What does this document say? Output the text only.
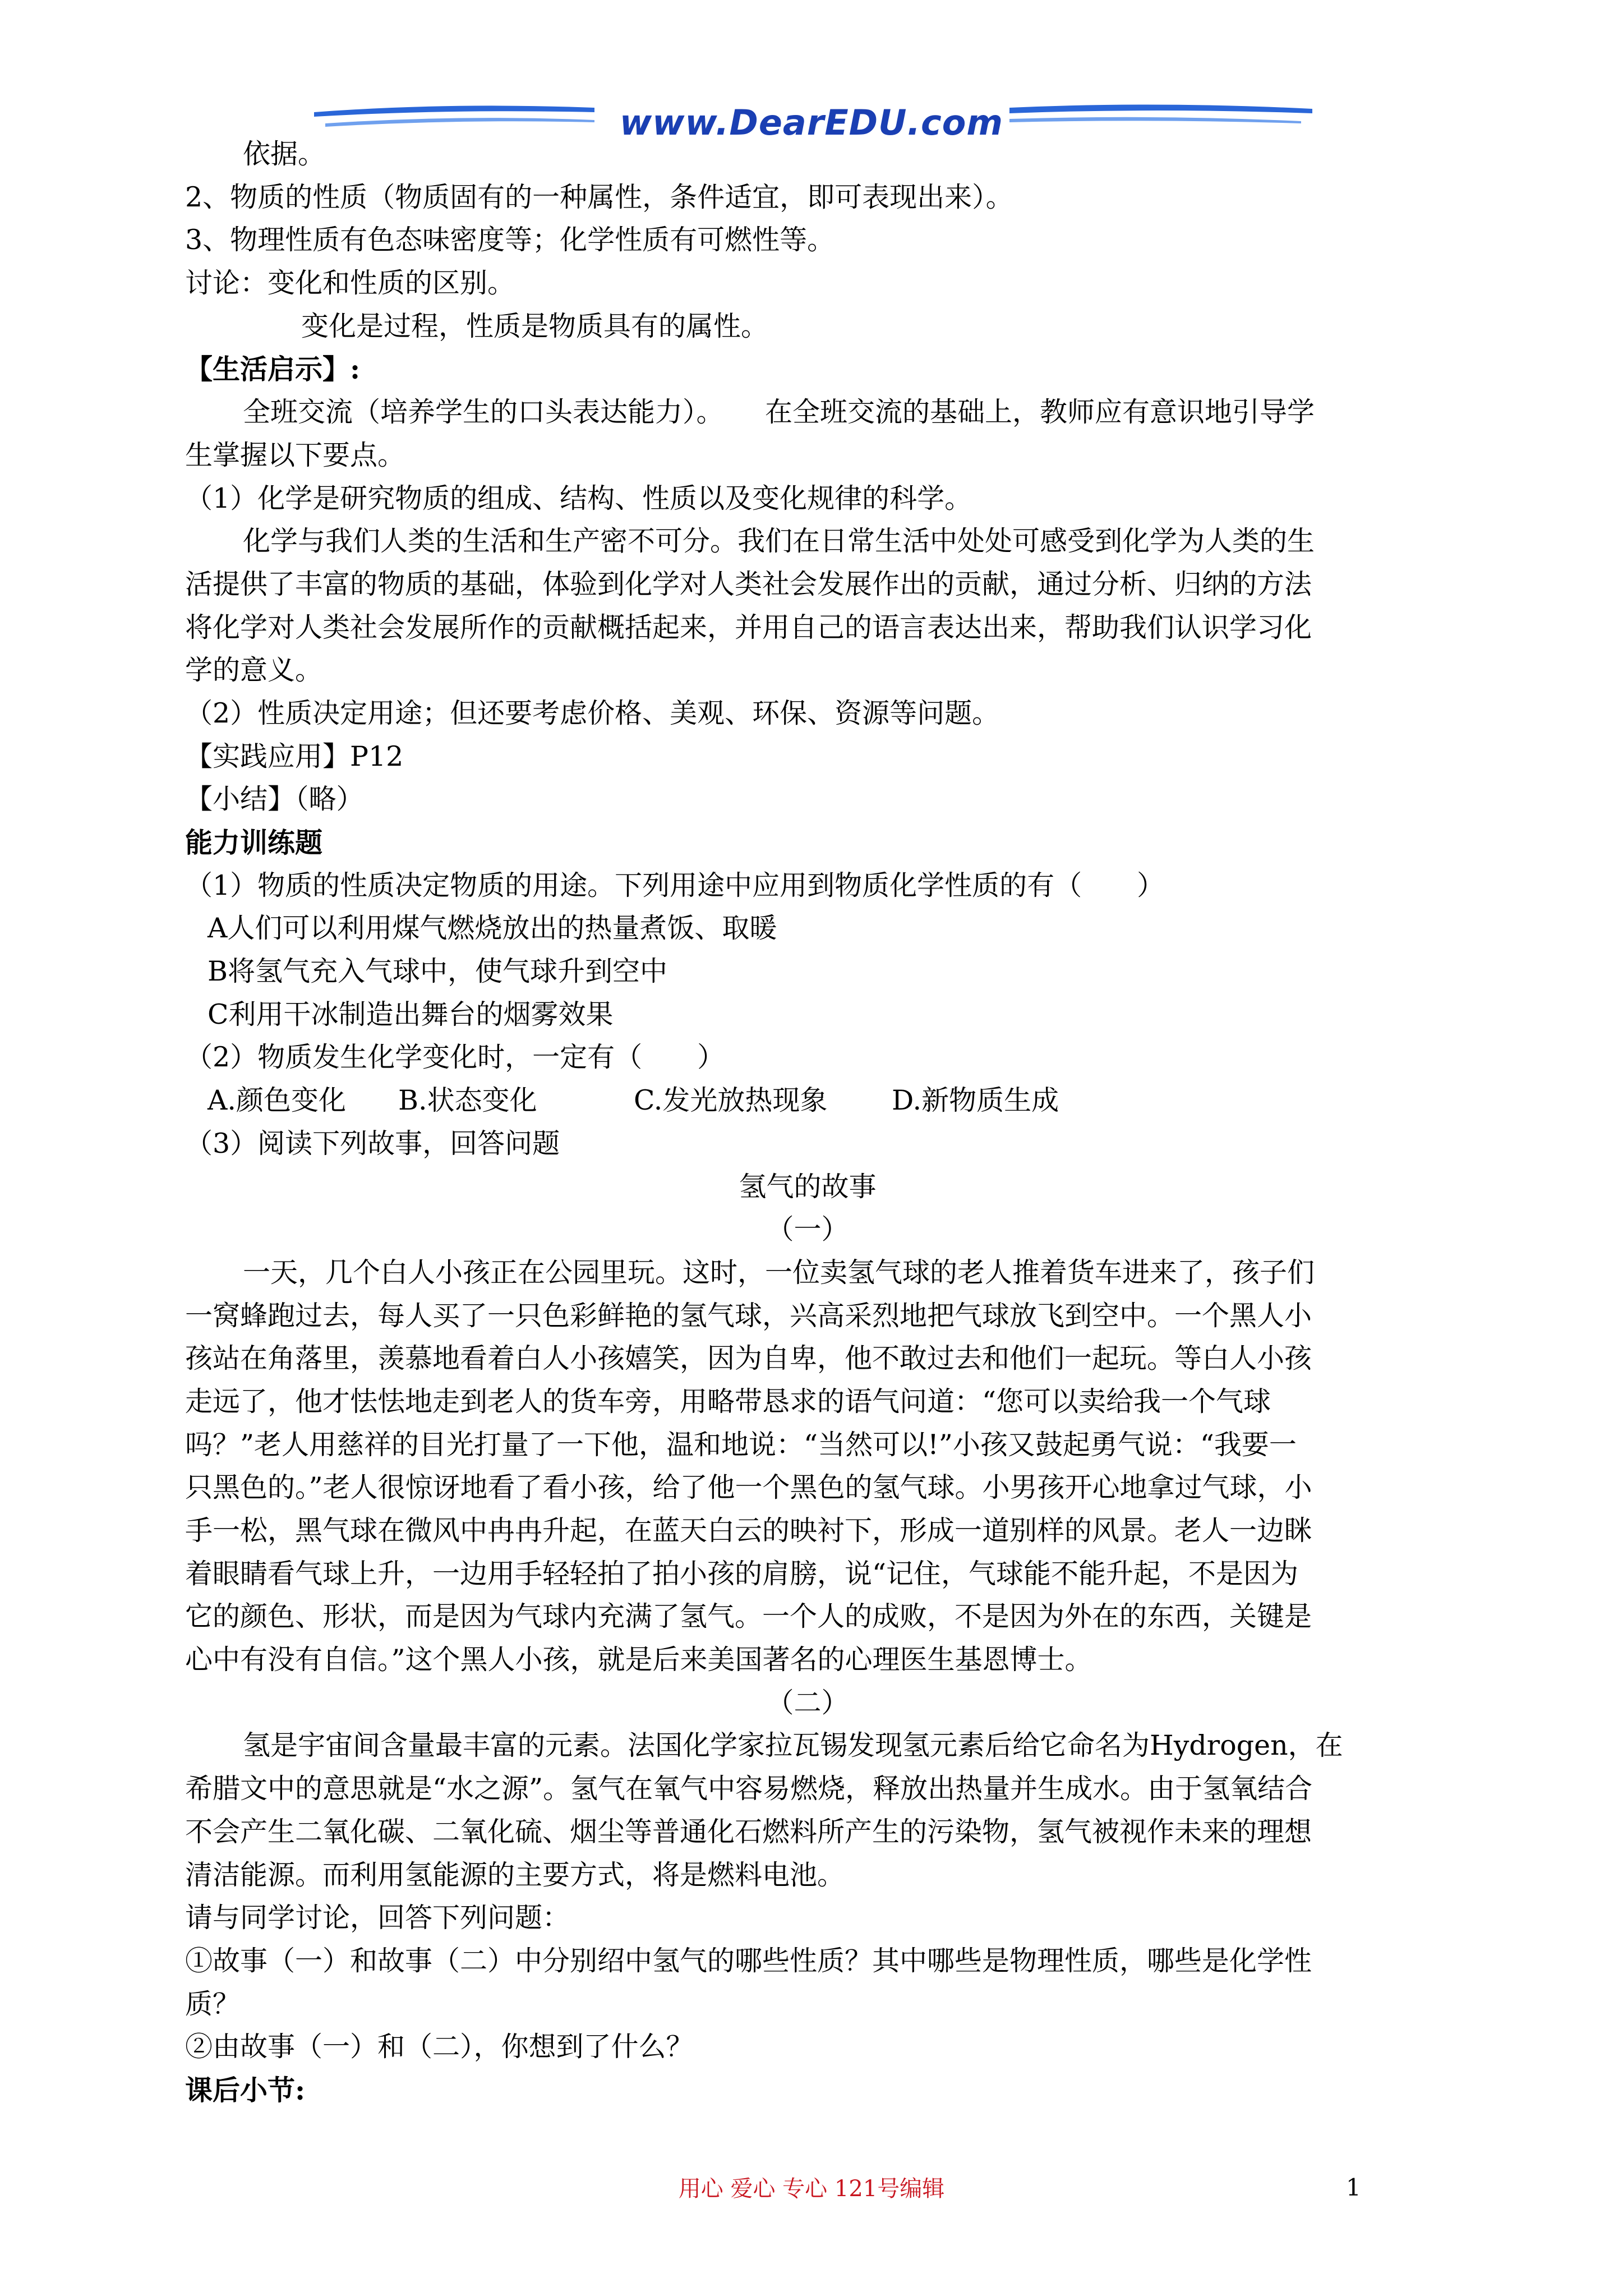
www.DearEDU.com
依据。
2、物质的性质（物质固有的一种属性，条件适宜，即可表现出来）。
3、物理性质有色态味密度等；化学性质有可燃性等。
讨论：变化和性质的区别。
变化是过程，性质是物质具有的属性。
【生活启示】:
全班交流（培养学生的口头表达能力）。　　在全班交流的基础上，教师应有意识地引导学
生掌握以下要点。
（1）化学是研究物质的组成、结构、性质以及变化规律的科学。
化学与我们人类的生活和生产密不可分。我们在日常生活中处处可感受到化学为人类的生
活提供了丰富的物质的基础，体验到化学对人类社会发展作出的贡献，通过分析、归纳的方法
将化学对人类社会发展所作的贡献概括起来，并用自己的语言表达出来，帮助我们认识学习化
学的意义。
（2）性质决定用途；但还要考虑价格、美观、环保、资源等问题。
【实践应用】P12
【小结】（略）
能力训练题
（1）物质的性质决定物质的用途。下列用途中应用到物质化学性质的有（　　）
A人们可以利用煤气燃烧放出的热量煮饭、取暖
B将氢气充入气球中，使气球升到空中
C利用干冰制造出舞台的烟雾效果
（2）物质发生化学变化时，一定有（　　）
A.颜色变化 B.状态变化	C.发光放热现象 D.新物质生成
（3）阅读下列故事，回答问题
氢气的故事
（一）
一天，几个白人小孩正在公园里玩。这时，一位卖氢气球的老人推着货车进来了，孩子们
一窝蜂跑过去，每人买了一只色彩鲜艳的氢气球，兴高采烈地把气球放飞到空中。一个黑人小
孩站在角落里，羡慕地看着白人小孩嬉笑，因为自卑，他不敢过去和他们一起玩。等白人小孩
走远了，他才怯怯地走到老人的货车旁，用略带恳求的语气问道：“您可以卖给我一个气球
吗？”老人用慈祥的目光打量了一下他，温和地说：“当然可以!”小孩又鼓起勇气说：“我要一
只黑色的。”老人很惊讶地看了看小孩，给了他一个黑色的氢气球。小男孩开心地拿过气球，小
手一松，黑气球在微风中冉冉升起，在蓝天白云的映衬下，形成一道别样的风景。老人一边眯
着眼睛看气球上升，一边用手轻轻拍了拍小孩的肩膀，说“记住，气球能不能升起，不是因为
它的颜色、形状，而是因为气球内充满了氢气。一个人的成败，不是因为外在的东西，关键是
心中有没有自信。”这个黑人小孩，就是后来美国著名的心理医生基恩博士。
（二）
氢是宇宙间含量最丰富的元素。法国化学家拉瓦锡发现氢元素后给它命名为Hydrogen，在
希腊文中的意思就是“水之源”。氢气在氧气中容易燃烧，释放出热量并生成水。由于氢氧结合
不会产生二氧化碳、二氧化硫、烟尘等普通化石燃料所产生的污染物，氢气被视作未来的理想
清洁能源。而利用氢能源的主要方式，将是燃料电池。
请与同学讨论，回答下列问题：
①故事（一）和故事（二）中分别绍中氢气的哪些性质？其中哪些是物理性质，哪些是化学性
质？
②由故事（一）和（二），你想到了什么？
课后小节:
用心 爱心 专心 121号编辑	1
